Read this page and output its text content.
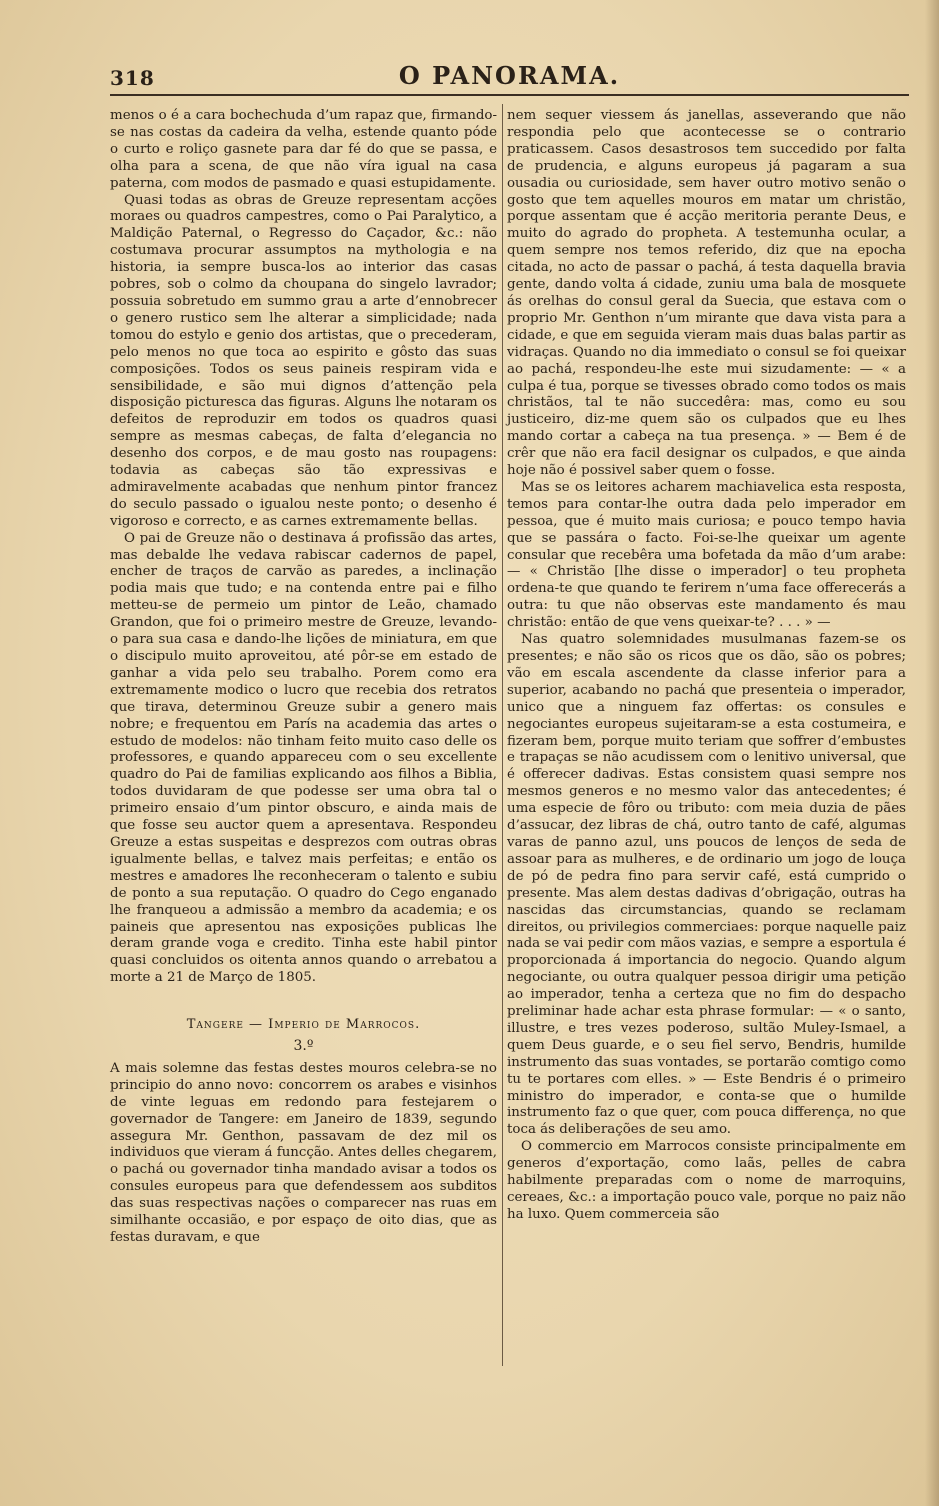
318	O PANORAMA.

menos o é a cara bochechuda d’um rapaz que, firmando-se nas costas da cadeira da velha, estende quanto póde o curto e roliço gasnete para dar fé do que se passa, e olha para a scena, de que não víra igual na casa paterna, com modos de pasmado e quasi estupidamente.

Quasi todas as obras de Greuze representam acções moraes ou quadros campestres, como o Pai Paralytico, a Maldição Paternal, o Regresso do Caçador, &c.: não costumava procurar assumptos na mythologia e na historia, ia sempre busca-los ao interior das casas pobres, sob o colmo da choupana do singelo lavrador; possuia sobretudo em summo grau a arte d’ennobrecer o genero rustico sem lhe alterar a simplicidade; nada tomou do estylo e genio dos artistas, que o precederam, pelo menos no que toca ao espirito e gôsto das suas composições. Todos os seus paineis respiram vida e sensibilidade, e são mui dignos d’attenção pela disposição picturesca das figuras. Alguns lhe notaram os defeitos de reproduzir em todos os quadros quasi sempre as mesmas cabeças, de falta d’elegancia no desenho dos corpos, e de mau gosto nas roupagens: todavia as cabeças são tão expressivas e admiravelmente acabadas que nenhum pintor francez do seculo passado o igualou neste ponto; o desenho é vigoroso e correcto, e as carnes extremamente bellas.

O pai de Greuze não o destinava á profissão das artes, mas debalde lhe vedava rabiscar cadernos de papel, encher de traços de carvão as paredes, a inclinação podia mais que tudo; e na contenda entre pai e filho metteu-se de permeio um pintor de Leão, chamado Grandon, que foi o primeiro mestre de Greuze, levando-o para sua casa e dando-lhe lições de miniatura, em que o discipulo muito aproveitou, até pôr-se em estado de ganhar a vida pelo seu trabalho. Porem como era extremamente modico o lucro que recebia dos retratos que tirava, determinou Greuze subir a genero mais nobre; e frequentou em París na academia das artes o estudo de modelos: não tinham feito muito caso delle os professores, e quando appareceu com o seu excellente quadro do Pai de familias explicando aos filhos a Biblia, todos duvidaram de que podesse ser uma obra tal o primeiro ensaio d’um pintor obscuro, e ainda mais de que fosse seu auctor quem a apresentava. Respondeu Greuze a estas suspeitas e desprezos com outras obras igualmente bellas, e talvez mais perfeitas; e então os mestres e amadores lhe reconheceram o talento e subiu de ponto a sua reputação. O quadro do Cego enganado lhe franqueou a admissão a membro da academia; e os paineis que apresentou nas exposições publicas lhe deram grande voga e credito. Tinha este habil pintor quasi concluidos os oitenta annos quando o arrebatou a morte a 21 de Março de 1805.

Tangere — Imperio de Marrocos.
3.º

A mais solemne das festas destes mouros celebra-se no principio do anno novo: concorrem os arabes e visinhos de vinte leguas em redondo para festejarem o governador de Tangere: em Janeiro de 1839, segundo assegura Mr. Genthon, passavam de dez mil os individuos que vieram á funcção. Antes delles chegarem, o pachá ou governador tinha mandado avisar a todos os consules europeus para que defendessem aos subditos das suas respectivas nações o comparecer nas ruas em similhante occasião, e por espaço de oito dias, que as festas duravam, e que

nem sequer viessem ás janellas, asseverando que não respondia pelo que acontecesse se o contrario praticassem. Casos desastrosos tem succedido por falta de prudencia, e alguns europeus já pagaram a sua ousadia ou curiosidade, sem haver outro motivo senão o gosto que tem aquelles mouros em matar um christão, porque assentam que é acção meritoria perante Deus, e muito do agrado do propheta. A testemunha ocular, a quem sempre nos temos referido, diz que na epocha citada, no acto de passar o pachá, á testa daquella bravia gente, dando volta á cidade, zuniu uma bala de mosquete ás orelhas do consul geral da Suecia, que estava com o proprio Mr. Genthon n’um mirante que dava vista para a cidade, e que em seguida vieram mais duas balas partir as vidraças. Quando no dia immediato o consul se foi queixar ao pachá, respondeu-lhe este mui sizudamente: — « a culpa é tua, porque se tivesses obrado como todos os mais christãos, tal te não succedêra: mas, como eu sou justiceiro, diz-me quem são os culpados que eu lhes mando cortar a cabeça na tua presença. » — Bem é de crêr que não era facil designar os culpados, e que ainda hoje não é possivel saber quem o fosse.

Mas se os leitores acharem machiavelica esta resposta, temos para contar-lhe outra dada pelo imperador em pessoa, que é muito mais curiosa; e pouco tempo havia que se passára o facto. Foi-se-lhe queixar um agente consular que recebêra uma bofetada da mão d’um arabe: — « Christão [lhe disse o imperador] o teu propheta ordena-te que quando te ferirem n’uma face offerecerás a outra: tu que não observas este mandamento és mau christão: então de que vens queixar-te? . . . » —

Nas quatro solemnidades musulmanas fazem-se os presentes; e não são os ricos que os dão, são os pobres; vão em escala ascendente da classe inferior para a superior, acabando no pachá que presenteia o imperador, unico que a ninguem faz offertas: os consules e negociantes europeus sujeitaram-se a esta costumeira, e fizeram bem, porque muito teriam que soffrer d’embustes e trapaças se não acudissem com o lenitivo universal, que é offerecer dadivas. Estas consistem quasi sempre nos mesmos generos e no mesmo valor das antecedentes; é uma especie de fôro ou tributo: com meia duzia de pães d’assucar, dez libras de chá, outro tanto de café, algumas varas de panno azul, uns poucos de lenços de seda de assoar para as mulheres, e de ordinario um jogo de louça de pó de pedra fino para servir café, está cumprido o presente. Mas alem destas dadivas d’obrigação, outras ha nascidas das circumstancias, quando se reclamam direitos, ou privilegios commerciaes: porque naquelle paiz nada se vai pedir com mãos vazias, e sempre a esportula é proporcionada á importancia do negocio. Quando algum negociante, ou outra qualquer pessoa dirigir uma petição ao imperador, tenha a certeza que no fim do despacho preliminar hade achar esta phrase formular: — « o santo, illustre, e tres vezes poderoso, sultão Muley-Ismael, a quem Deus guarde, e o seu fiel servo, Bendris, humilde instrumento das suas vontades, se portarão comtigo como tu te portares com elles. » — Este Bendris é o primeiro ministro do imperador, e conta-se que o humilde instrumento faz o que quer, com pouca differença, no que toca ás deliberações de seu amo.

O commercio em Marrocos consiste principalmente em generos d’exportação, como laãs, pelles de cabra habilmente preparadas com o nome de marroquins, cereaes, &c.: a importação pouco vale, porque no paiz não ha luxo. Quem commerceia são
